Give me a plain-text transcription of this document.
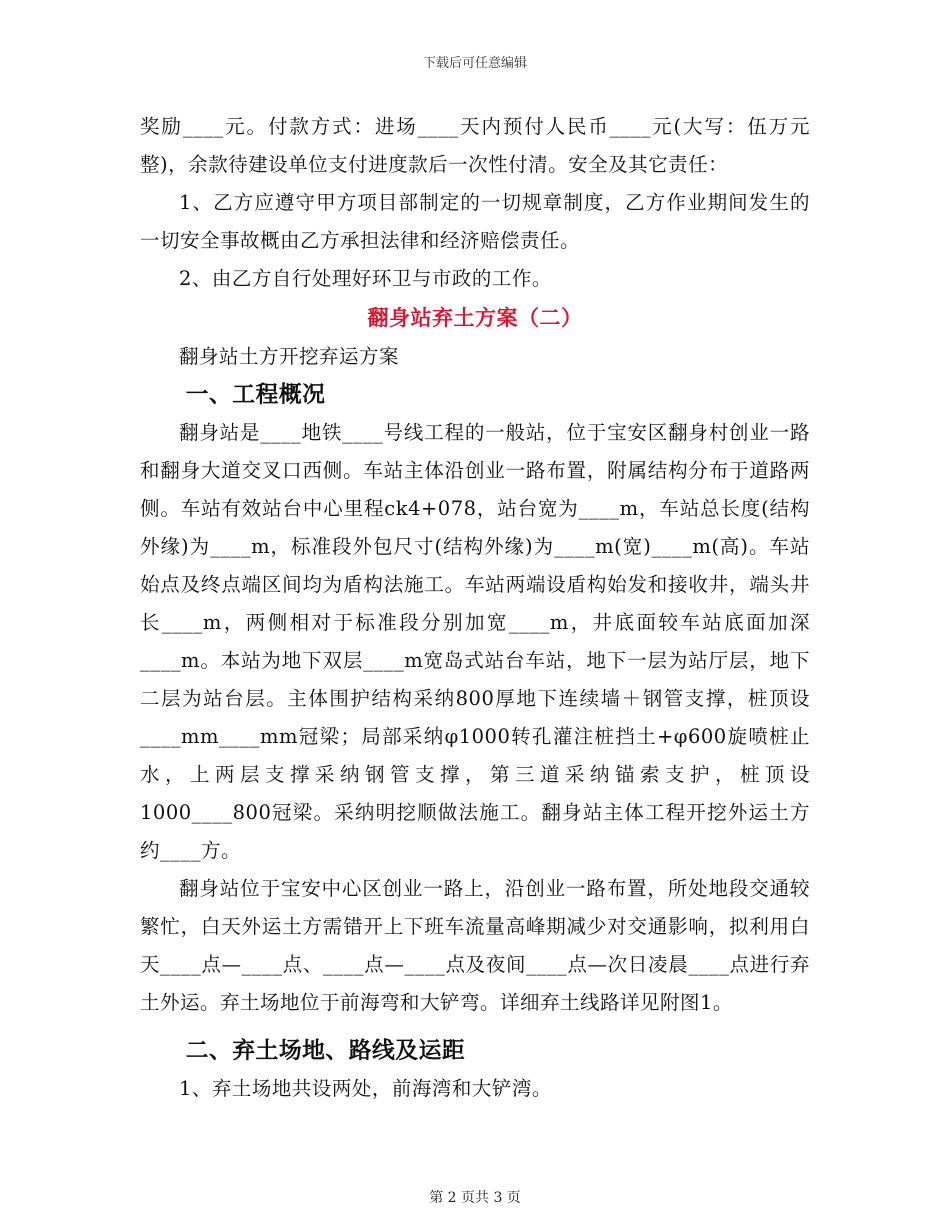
下载后可任意编辑

奖励____元。付款方式：进场____天内预付人民币____元(大写：伍万元整)，余款待建设单位支付进度款后一次性付清。安全及其它责任：

1、乙方应遵守甲方项目部制定的一切规章制度，乙方作业期间发生的一切安全事故概由乙方承担法律和经济赔偿责任。

2、由乙方自行处理好环卫与市政的工作。

翻身站弃土方案（二）

翻身站土方开挖弃运方案

一、工程概况

翻身站是____地铁____号线工程的一般站，位于宝安区翻身村创业一路和翻身大道交叉口西侧。车站主体沿创业一路布置，附属结构分布于道路两侧。车站有效站台中心里程ck4+078，站台宽为____m，车站总长度(结构外缘)为____m，标准段外包尺寸(结构外缘)为____m(宽)____m(高)。车站始点及终点端区间均为盾构法施工。车站两端设盾构始发和接收井，端头井长____m，两侧相对于标准段分别加宽____m，井底面较车站底面加深____m。本站为地下双层____m宽岛式站台车站，地下一层为站厅层，地下二层为站台层。主体围护结构采纳800厚地下连续墙＋钢管支撑，桩顶设____mm____mm冠梁；局部采纳φ1000转孔灌注桩挡土+φ600旋喷桩止水，上两层支撑采纳钢管支撑，第三道采纳锚索支护，桩顶设1000____800冠梁。采纳明挖顺做法施工。翻身站主体工程开挖外运土方约____方。

翻身站位于宝安中心区创业一路上，沿创业一路布置，所处地段交通较繁忙，白天外运土方需错开上下班车流量高峰期减少对交通影响，拟利用白天____点—____点、____点—____点及夜间____点—次日凌晨____点进行弃土外运。弃土场地位于前海弯和大铲弯。详细弃土线路详见附图1。

二、弃土场地、路线及运距

1、弃土场地共设两处，前海湾和大铲湾。

第 2 页共 3 页
